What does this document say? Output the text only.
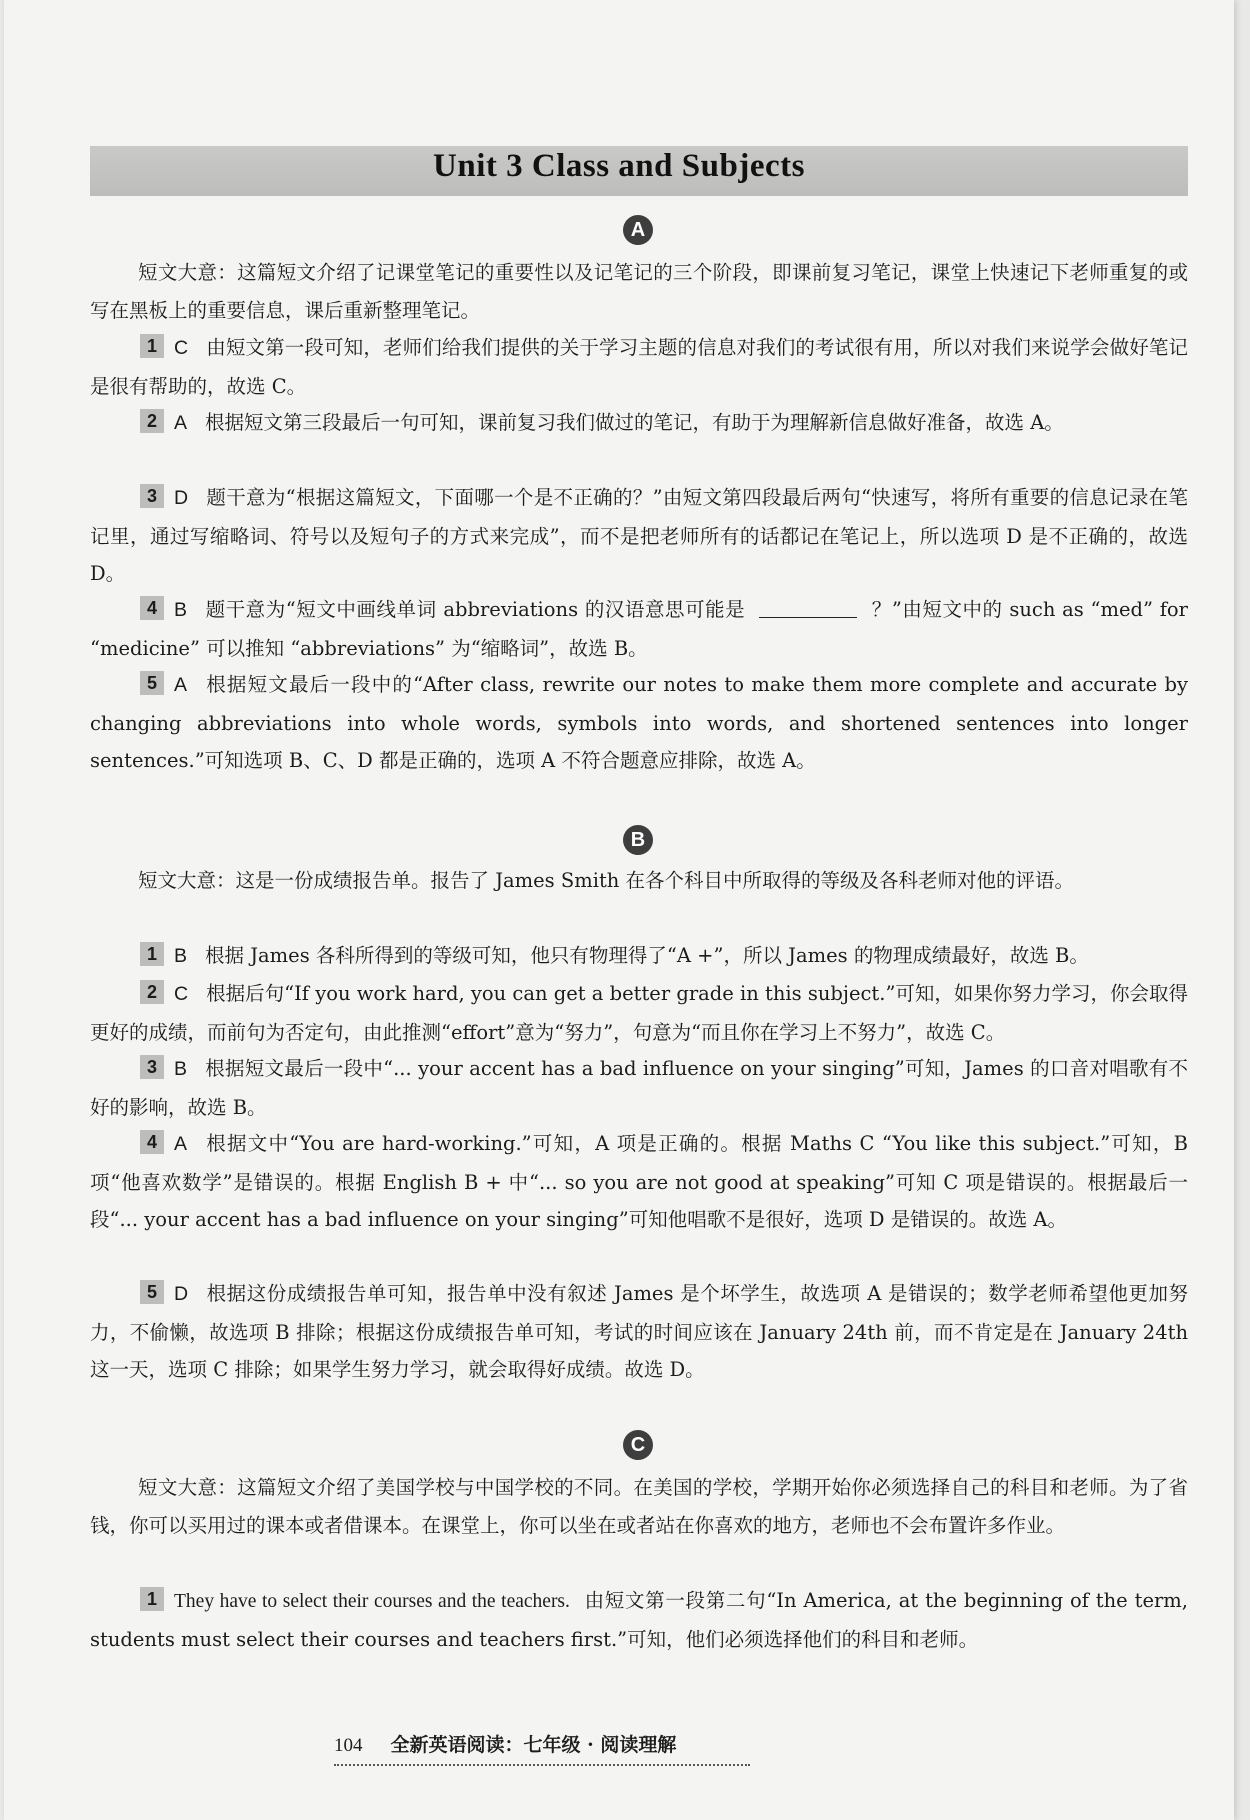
Unit 3 Class and Subjects
A
短文大意：这篇短文介绍了记课堂笔记的重要性以及记笔记的三个阶段，即课前复习笔记，课堂上快速记下老师重复的或写在黑板上的重要信息，课后重新整理笔记。
1 C 由短文第一段可知，老师们给我们提供的关于学习主题的信息对我们的考试很有用，所以对我们来说学会做好笔记是很有帮助的，故选 C。
2 A 根据短文第三段最后一句可知，课前复习我们做过的笔记，有助于为理解新信息做好准备，故选 A。
3 D 题干意为“根据这篇短文，下面哪一个是不正确的？”由短文第四段最后两句“快速写，将所有重要的信息记录在笔记里，通过写缩略词、符号以及短句子的方式来完成”，而不是把老师所有的话都记在笔记上，所以选项 D 是不正确的，故选 D。
4 B 题干意为“短文中画线单词 abbreviations 的汉语意思可能是	？”由短文中的 such as “med” for “medicine” 可以推知 “abbreviations” 为“缩略词”，故选 B。
5 A 根据短文最后一段中的“After class, rewrite our notes to make them more complete and accurate by changing abbreviations into whole words, symbols into words, and shortened sentences into longer sentences.”可知选项 B、C、D 都是正确的，选项 A 不符合题意应排除，故选 A。
B
短文大意：这是一份成绩报告单。报告了 James Smith 在各个科目中所取得的等级及各科老师对他的评语。
1 B 根据 James 各科所得到的等级可知，他只有物理得了“A +”，所以 James 的物理成绩最好，故选 B。
2 C 根据后句“If you work hard, you can get a better grade in this subject.”可知，如果你努力学习，你会取得更好的成绩，而前句为否定句，由此推测“effort”意为“努力”，句意为“而且你在学习上不努力”，故选 C。
3 B 根据短文最后一段中“... your accent has a bad influence on your singing”可知，James 的口音对唱歌有不好的影响，故选 B。
4 A 根据文中“You are hard-working.”可知，A 项是正确的。根据 Maths C “You like this subject.”可知，B 项“他喜欢数学”是错误的。根据 English B + 中“... so you are not good at speaking”可知 C 项是错误的。根据最后一段“... your accent has a bad influence on your singing”可知他唱歌不是很好，选项 D 是错误的。故选 A。
5 D 根据这份成绩报告单可知，报告单中没有叙述 James 是个坏学生，故选项 A 是错误的；数学老师希望他更加努力，不偷懒，故选项 B 排除；根据这份成绩报告单可知，考试的时间应该在 January 24th 前，而不肯定是在 January 24th 这一天，选项 C 排除；如果学生努力学习，就会取得好成绩。故选 D。
C
短文大意：这篇短文介绍了美国学校与中国学校的不同。在美国的学校，学期开始你必须选择自己的科目和老师。为了省钱，你可以买用过的课本或者借课本。在课堂上，你可以坐在或者站在你喜欢的地方，老师也不会布置许多作业。
1 They have to select their courses and the teachers. 由短文第一段第二句“In America, at the beginning of the term, students must select their courses and teachers first.”可知，他们必须选择他们的科目和老师。
104 全新英语阅读：七年级 · 阅读理解
